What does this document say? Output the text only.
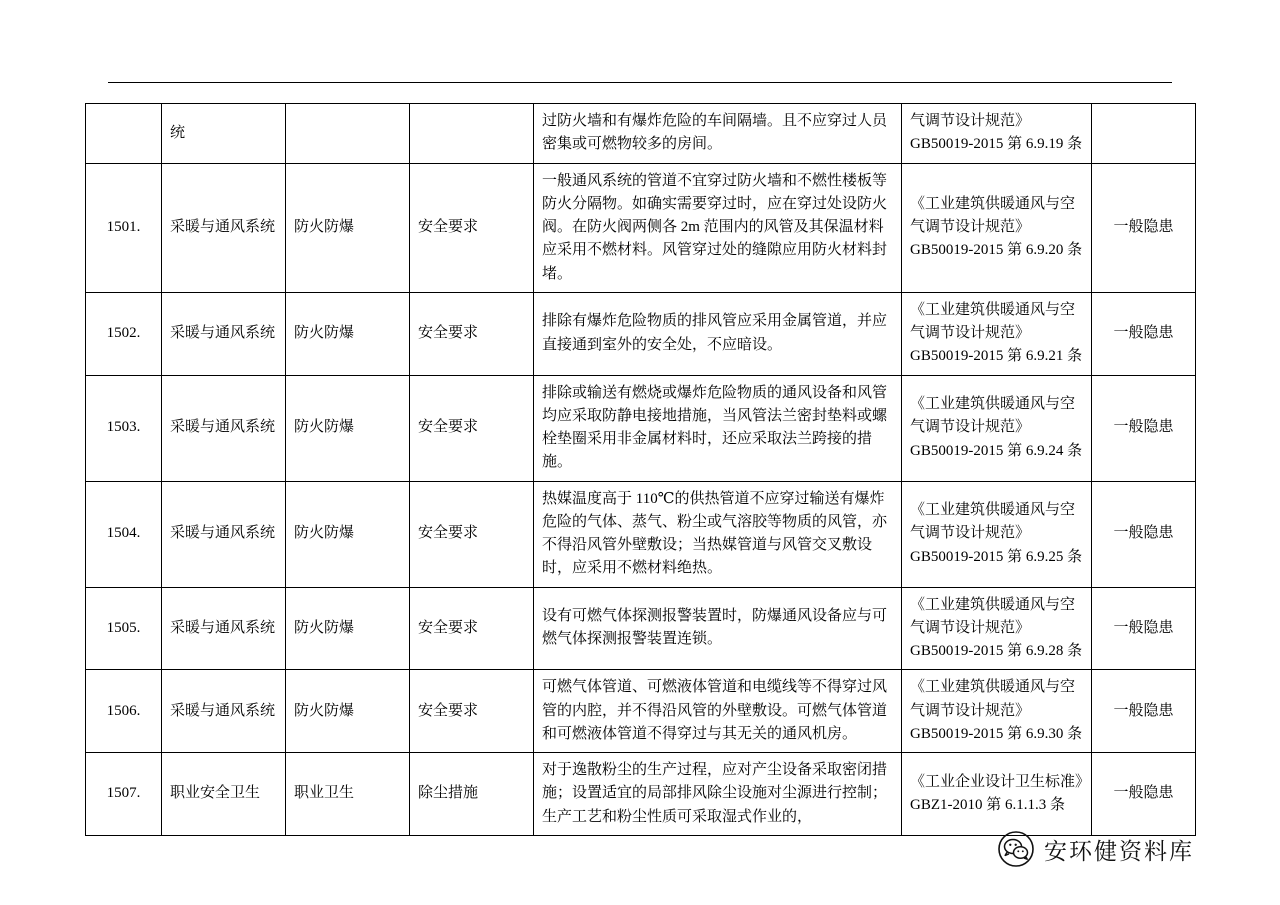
	统			过防火墙和有爆炸危险的车间隔墙。且不应穿过人员密集或可燃物较多的房间。	气调节设计规范》GB50019-2015 第 6.9.19 条	
1501.	采暖与通风系统	防火防爆	安全要求	一般通风系统的管道不宜穿过防火墙和不燃性楼板等防火分隔物。如确实需要穿过时，应在穿过处设防火阀。在防火阀两侧各 2m 范围内的风管及其保温材料应采用不燃材料。风管穿过处的缝隙应用防火材料封堵。	《工业建筑供暖通风与空气调节设计规范》GB50019-2015 第 6.9.20 条	一般隐患
1502.	采暖与通风系统	防火防爆	安全要求	排除有爆炸危险物质的排风管应采用金属管道，并应直接通到室外的安全处，不应暗设。	《工业建筑供暖通风与空气调节设计规范》GB50019-2015 第 6.9.21 条	一般隐患
1503.	采暖与通风系统	防火防爆	安全要求	排除或输送有燃烧或爆炸危险物质的通风设备和风管均应采取防静电接地措施，当风管法兰密封垫料或螺栓垫圈采用非金属材料时，还应采取法兰跨接的措施。	《工业建筑供暖通风与空气调节设计规范》GB50019-2015 第 6.9.24 条	一般隐患
1504.	采暖与通风系统	防火防爆	安全要求	热媒温度高于 110℃的供热管道不应穿过输送有爆炸危险的气体、蒸气、粉尘或气溶胶等物质的风管，亦不得沿风管外壁敷设；当热媒管道与风管交叉敷设时，应采用不燃材料绝热。	《工业建筑供暖通风与空气调节设计规范》GB50019-2015 第 6.9.25 条	一般隐患
1505.	采暖与通风系统	防火防爆	安全要求	设有可燃气体探测报警装置时，防爆通风设备应与可燃气体探测报警装置连锁。	《工业建筑供暖通风与空气调节设计规范》GB50019-2015 第 6.9.28 条	一般隐患
1506.	采暖与通风系统	防火防爆	安全要求	可燃气体管道、可燃液体管道和电缆线等不得穿过风管的内腔，并不得沿风管的外壁敷设。可燃气体管道和可燃液体管道不得穿过与其无关的通风机房。	《工业建筑供暖通风与空气调节设计规范》GB50019-2015 第 6.9.30 条	一般隐患
1507.	职业安全卫生	职业卫生	除尘措施	对于逸散粉尘的生产过程，应对产尘设备采取密闭措施；设置适宜的局部排风除尘设施对尘源进行控制；生产工艺和粉尘性质可采取湿式作业的，	《工业企业设计卫生标准》GBZ1-2010 第 6.1.1.3 条	一般隐患
安环健资料库
